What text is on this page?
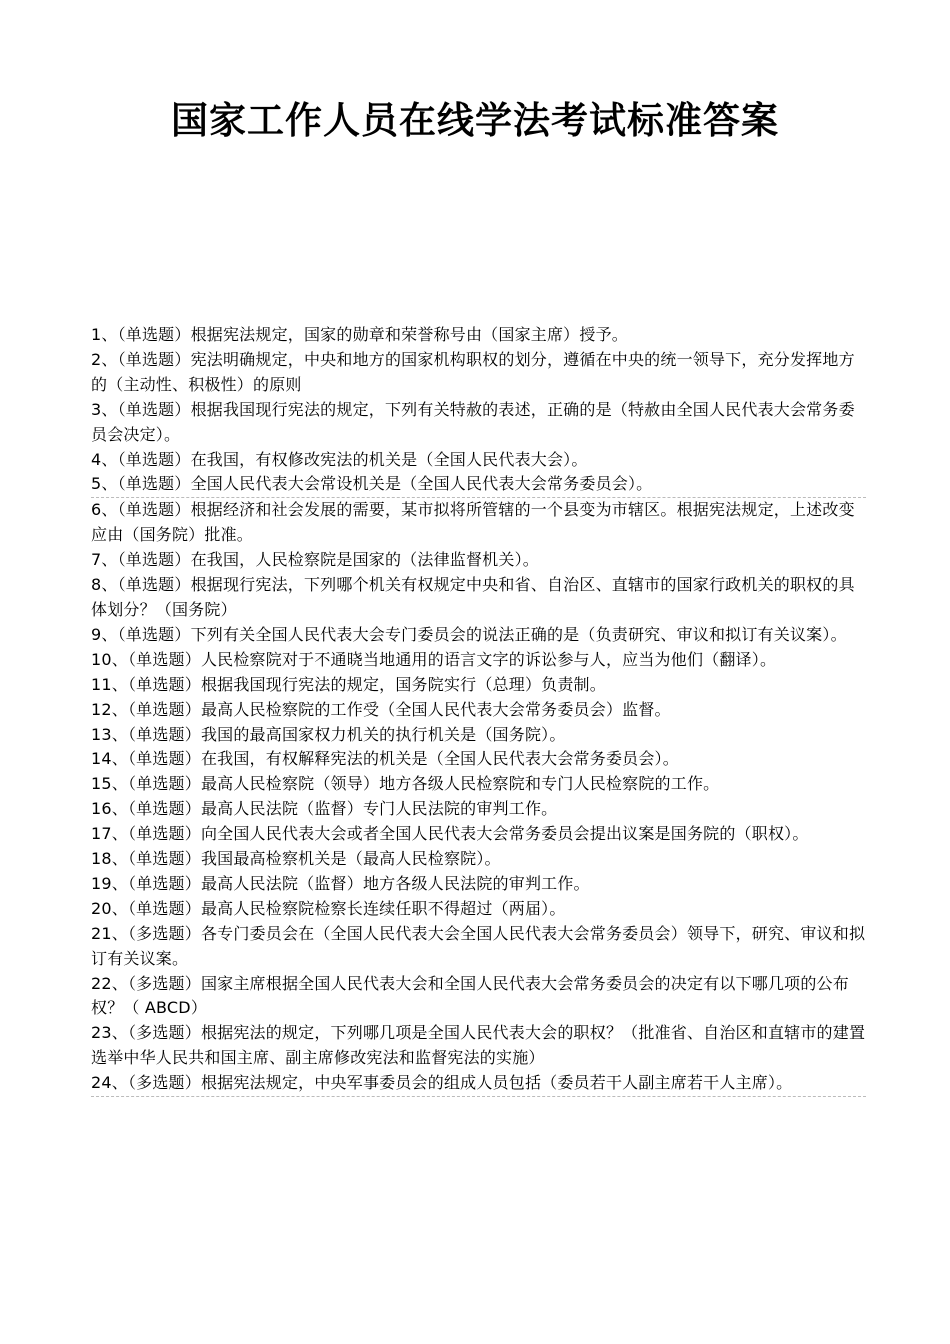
国家工作人员在线学法考试标准答案

1、（单选题）根据宪法规定，国家的勋章和荣誉称号由（国家主席）授予。

2、（单选题）宪法明确规定，中央和地方的国家机构职权的划分，遵循在中央的统一领导下，充分发挥地方的（主动性、积极性）的原则

3、（单选题）根据我国现行宪法的规定，下列有关特赦的表述，正确的是（特赦由全国人民代表大会常务委员会决定）。

4、（单选题）在我国，有权修改宪法的机关是（全国人民代表大会）。

5、（单选题）全国人民代表大会常设机关是（全国人民代表大会常务委员会）。

6、（单选题）根据经济和社会发展的需要，某市拟将所管辖的一个县变为市辖区。根据宪法规定，上述改变应由（国务院）批准。

7、（单选题）在我国，人民检察院是国家的（法律监督机关）。

8、（单选题）根据现行宪法，下列哪个机关有权规定中央和省、自治区、直辖市的国家行政机关的职权的具体划分？（国务院）

9、（单选题）下列有关全国人民代表大会专门委员会的说法正确的是（负责研究、审议和拟订有关议案）。

10、（单选题）人民检察院对于不通晓当地通用的语言文字的诉讼参与人，应当为他们（翻译）。

11、（单选题）根据我国现行宪法的规定，国务院实行（总理）负责制。

12、（单选题）最高人民检察院的工作受（全国人民代表大会常务委员会）监督。

13、（单选题）我国的最高国家权力机关的执行机关是（国务院）。

14、（单选题）在我国，有权解释宪法的机关是（全国人民代表大会常务委员会）。

15、（单选题）最高人民检察院（领导）地方各级人民检察院和专门人民检察院的工作。

16、（单选题）最高人民法院（监督）专门人民法院的审判工作。

17、（单选题）向全国人民代表大会或者全国人民代表大会常务委员会提出议案是国务院的（职权）。

18、（单选题）我国最高检察机关是（最高人民检察院）。

19、（单选题）最高人民法院（监督）地方各级人民法院的审判工作。

20、（单选题）最高人民检察院检察长连续任职不得超过（两届）。

21、（多选题）各专门委员会在（全国人民代表大会全国人民代表大会常务委员会）领导下，研究、审议和拟订有关议案。

22、（多选题）国家主席根据全国人民代表大会和全国人民代表大会常务委员会的决定有以下哪几项的公布权？（ ABCD）

23、（多选题）根据宪法的规定，下列哪几项是全国人民代表大会的职权？（批准省、自治区和直辖市的建置 选举中华人民共和国主席、副主席修改宪法和监督宪法的实施）

24、（多选题）根据宪法规定，中央军事委员会的组成人员包括（委员若干人副主席若干人主席）。
